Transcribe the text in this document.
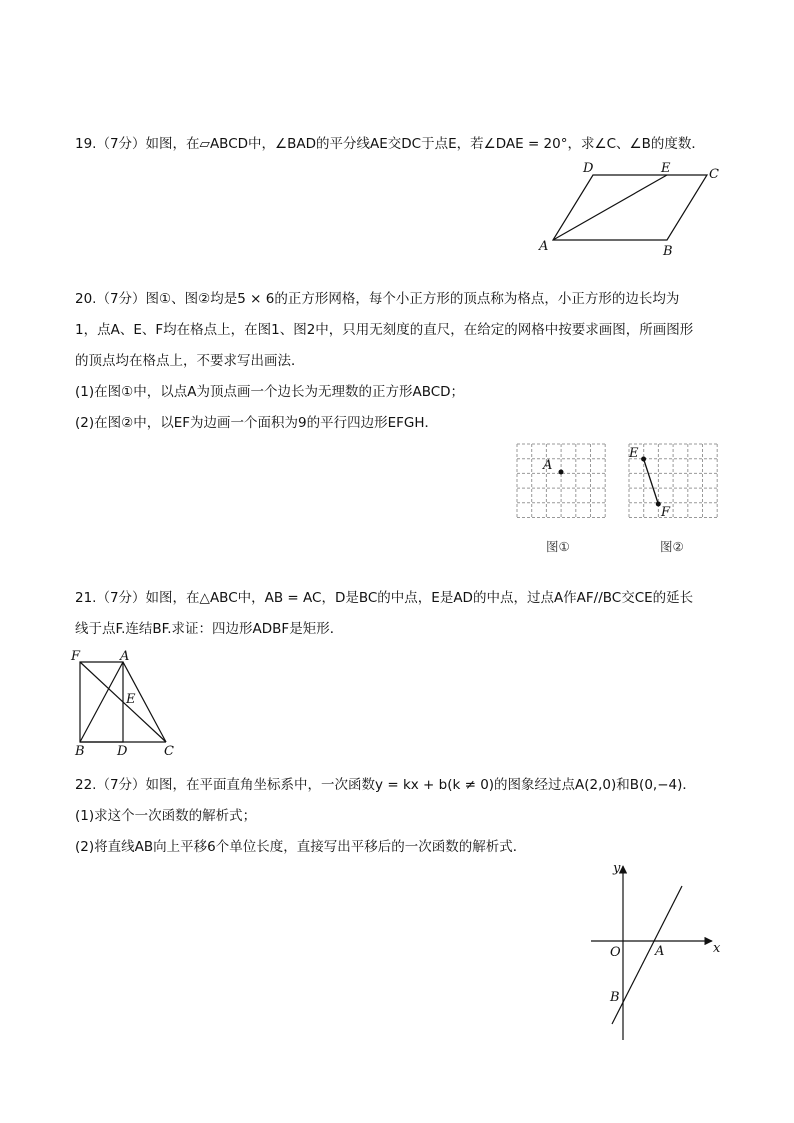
19.（7分）如图，在▱ABCD中，∠BAD的平分线AE交DC于点E，若∠DAE = 20°，求∠C、∠B的度数．
A	B
C
D	E
20.（7分）图①、图②均是5 × 6的正方形网格，每个小正方形的顶点称为格点，小正方形的边长均为
1，点A、E、F均在格点上，在图1、图2中，只用无刻度的直尺，在给定的网格中按要求画图，所画图形
的顶点均在格点上，不要求写出画法．
(1)在图①中，以点A为顶点画一个边长为无理数的正方形ABCD；
(2)在图②中，以EF为边画一个面积为9的平行四边形EFGH．
A
图①
E
F
图②
21.（7分）如图，在△ABC中，AB = AC，D是BC的中点，E是AD的中点，过点A作AF//BC交CE的延长
线于点F.连结BF.求证：四边形ADBF是矩形．
F	A
E
B D	C
22.（7分）如图，在平面直角坐标系中，一次函数y = kx + b(k ≠ 0)的图象经过点A(2,0)和B(0,−4)．
(1)求这个一次函数的解析式；
(2)将直线AB向上平移6个单位长度，直接写出平移后的一次函数的解析式．
y
x
O	A
B
